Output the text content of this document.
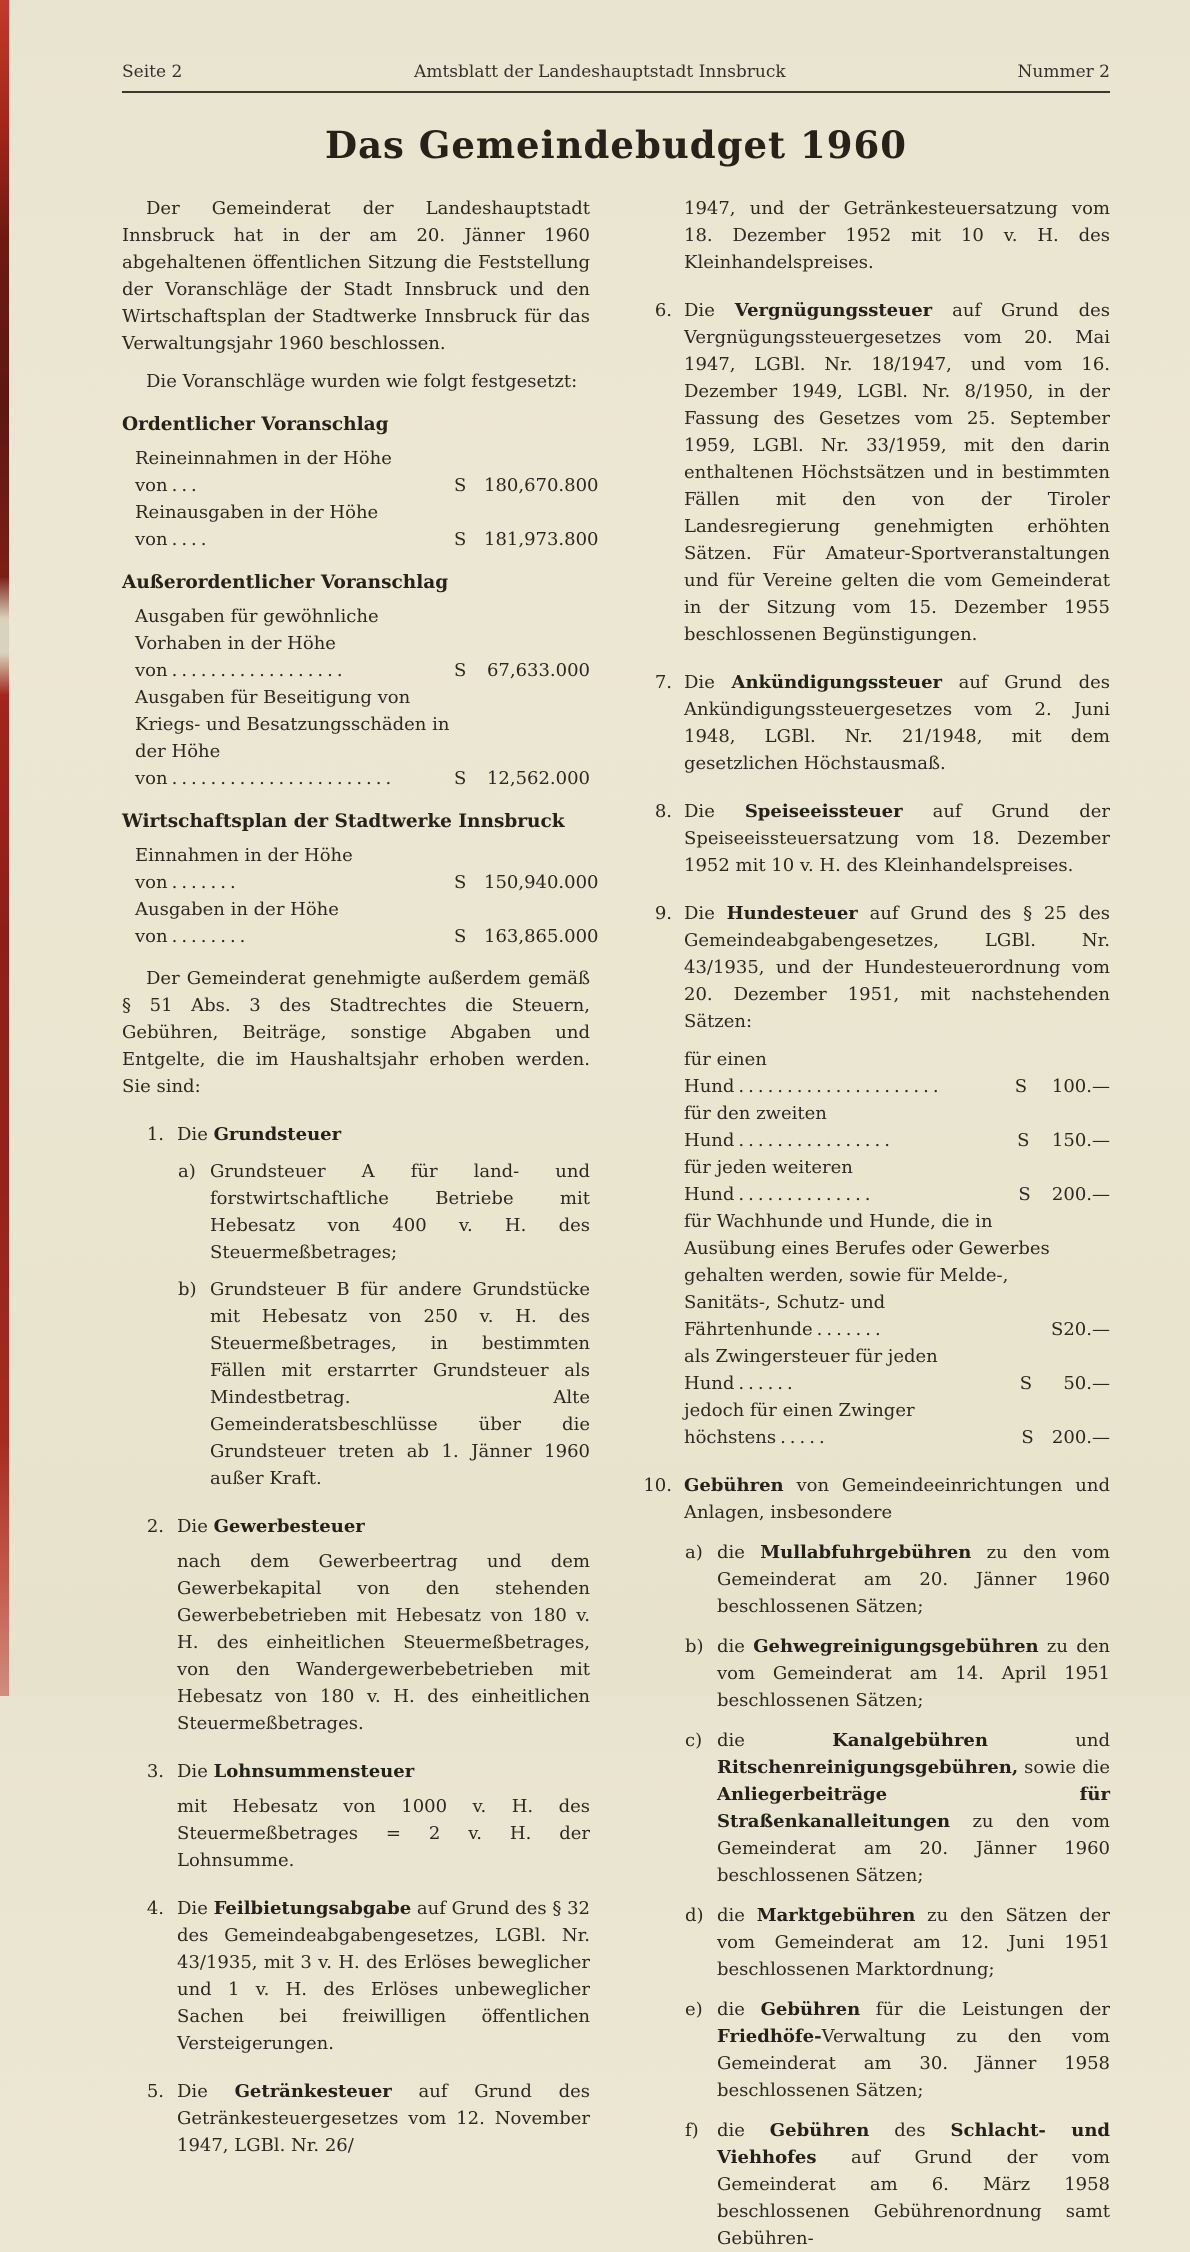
Seite 2	Amtsblatt der Landeshauptstadt Innsbruck	Nummer 2
Das Gemeindebudget 1960

Der Gemeinderat der Landeshauptstadt Innsbruck hat in der am 20. Jänner 1960 abgehaltenen öffentlichen Sitzung die Feststellung der Voranschläge der Stadt Innsbruck und den Wirtschaftsplan der Stadtwerke Innsbruck für das Verwaltungsjahr 1960 beschlossen.

Die Voranschläge wurden wie folgt festgesetzt:

Ordentlicher Voranschlag
Reineinnahmen in der Höhe von ...	S 180,670.800
Reinausgaben in der Höhe von ....	S 181,973.800
Außerordentlicher Voranschlag
Ausgaben für gewöhnliche Vorhaben in der Höhe von ..................	S	67,633.000
Ausgaben für Beseitigung von Kriegs- und Besatzungsschäden in der Höhe von .......................	S	12,562.000
Wirtschaftsplan der Stadtwerke Innsbruck
Einnahmen in der Höhe von .......	S 150,940.000
Ausgaben in der Höhe von ........	S 163,865.000

Der Gemeinderat genehmigte außerdem gemäß § 51 Abs. 3 des Stadtrechtes die Steuern, Gebühren, Beiträge, sonstige Abgaben und Entgelte, die im Haushaltsjahr erhoben werden. Sie sind:

1. Die Grundsteuer

a) Grundsteuer A für land- und forstwirtschaftliche Betriebe mit Hebesatz von 400 v. H. des Steuermeßbetrages;

b) Grundsteuer B für andere Grundstücke mit Hebesatz von 250 v. H. des Steuermeßbetrages, in bestimmten Fällen mit erstarrter Grundsteuer als Mindestbetrag. Alte Gemeinderatsbeschlüsse über die Grundsteuer treten ab 1. Jänner 1960 außer Kraft.

2. Die Gewerbesteuer

nach dem Gewerbeertrag und dem Gewerbekapital von den stehenden Gewerbebetrieben mit Hebesatz von 180 v. H. des einheitlichen Steuermeßbetrages, von den Wandergewerbebetrieben mit Hebesatz von 180 v. H. des einheitlichen Steuermeßbetrages.

3. Die Lohnsummensteuer

mit Hebesatz von 1000 v. H. des Steuermeßbetrages = 2 v. H. der Lohnsumme.

4. Die Feilbietungsabgabe auf Grund des § 32 des Gemeindeabgabengesetzes, LGBl. Nr. 43/1935, mit 3 v. H. des Erlöses beweglicher und 1 v. H. des Erlöses unbeweglicher Sachen bei freiwilligen öffentlichen Versteigerungen.

5. Die Getränkesteuer auf Grund des Getränkesteuergesetzes vom 12. November 1947, LGBl. Nr. 26/

1947, und der Getränkesteuersatzung vom 18. Dezember 1952 mit 10 v. H. des Kleinhandelspreises.

6. Die Vergnügungssteuer auf Grund des Vergnügungssteuergesetzes vom 20. Mai 1947, LGBl. Nr. 18/1947, und vom 16. Dezember 1949, LGBl. Nr. 8/1950, in der Fassung des Gesetzes vom 25. September 1959, LGBl. Nr. 33/1959, mit den darin enthaltenen Höchstsätzen und in bestimmten Fällen mit den von der Tiroler Landesregierung genehmigten erhöhten Sätzen. Für Amateur-Sportveranstaltungen und für Vereine gelten die vom Gemeinderat in der Sitzung vom 15. Dezember 1955 beschlossenen Begünstigungen.

7. Die Ankündigungssteuer auf Grund des Ankündigungssteuergesetzes vom 2. Juni 1948, LGBl. Nr. 21/1948, mit dem gesetzlichen Höchstausmaß.

8. Die Speiseeissteuer auf Grund der Speiseeissteuersatzung vom 18. Dezember 1952 mit 10 v. H. des Kleinhandelspreises.

9. Die Hundesteuer auf Grund des § 25 des Gemeindeabgabengesetzes, LGBl. Nr. 43/1935, und der Hundesteuerordnung vom 20. Dezember 1951, mit nachstehenden Sätzen:

für einen Hund .....................	S	100.—
für den zweiten Hund ................	S	150.—
für jeden weiteren Hund ..............	S	200.—
für Wachhunde und Hunde, die in Ausübung eines Berufes oder Gewerbes gehalten werden, sowie für Melde-, Sanitäts-, Schutz- und Fährtenhunde .......	S 20.—
als Zwingersteuer für jeden Hund ......	S	50.—
jedoch für einen Zwinger höchstens .....	S	200.—
10. Gebühren von Gemeindeeinrichtungen und Anlagen, insbesondere

a) die Mullabfuhrgebühren zu den vom Gemeinderat am 20. Jänner 1960 beschlossenen Sätzen;

b) die Gehwegreinigungsgebühren zu den vom Gemeinderat am 14. April 1951 beschlossenen Sätzen;

c) die Kanalgebühren und Ritschenreinigungsgebühren, sowie die Anliegerbeiträge für Straßenkanalleitungen zu den vom Gemeinderat am 20. Jänner 1960 beschlossenen Sätzen;

d) die Marktgebühren zu den Sätzen der vom Gemeinderat am 12. Juni 1951 beschlossenen Marktordnung;

e) die Gebühren für die Leistungen der Friedhöfe-Verwaltung zu den vom Gemeinderat am 30. Jänner 1958 beschlossenen Sätzen;

f) die Gebühren des Schlacht- und Viehhofes auf Grund der vom Gemeinderat am 6. März 1958 beschlossenen Gebührenordnung samt Gebühren-
